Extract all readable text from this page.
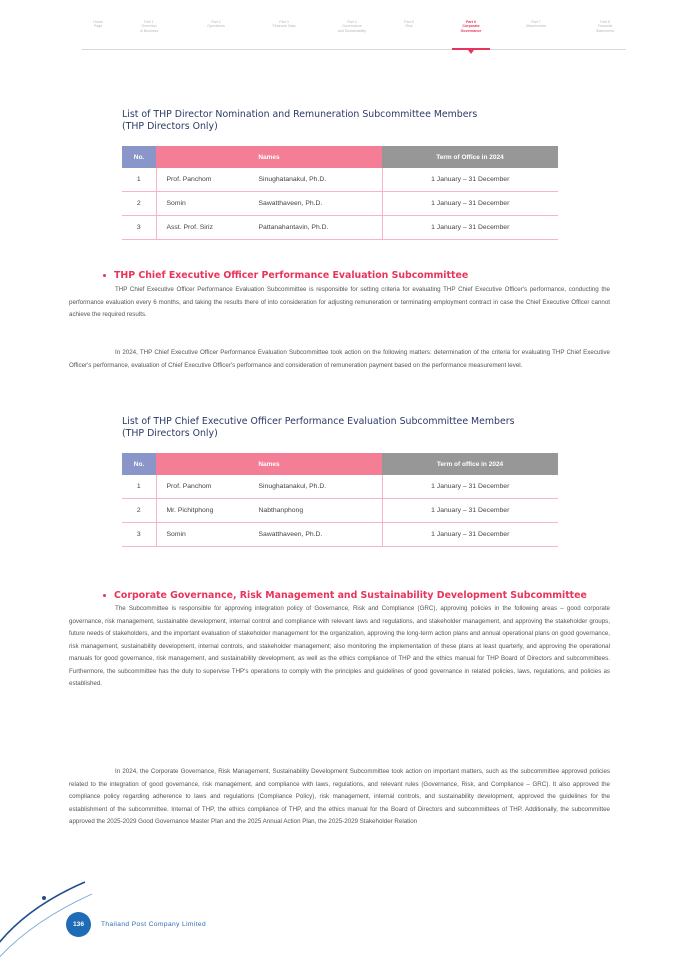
Home
Page
Part 1
Overview
of Business
Part 2
Operations
Part 3
Financial Data
Part 4
Governance
and Sustainability
Part 5
Risk
Part 6
Corporate
Governance
Part 7
Attachments
Part 8
Financial
Statements
List of THP Director Nomination and Remuneration Subcommittee Members
(THP Directors Only)
No.	Names	Term of Office in 2024
1	Prof. Panchom Sinughatanakul, Ph.D.	1 January – 31 December
2	Somin Sawatthaveen, Ph.D.	1 January – 31 December
3	Asst. Prof. Siriz Pattanahantavin, Ph.D.	1 January – 31 December
THP Chief Executive Officer Performance Evaluation Subcommittee
THP Chief Executive Officer Performance Evaluation Subcommittee is responsible for setting criteria for evaluating THP Chief Executive Officer's performance, conducting the performance evaluation every 6 months, and taking the results there of into consideration for adjusting remuneration or terminating employment contract in case the Chief Executive Officer cannot achieve the required results.
In 2024, THP Chief Executive Officer Performance Evaluation Subcommittee took action on the following matters: determination of the criteria for evaluating THP Chief Executive Officer's performance, evaluation of Chief Executive Officer's performance and consideration of remuneration payment based on the performance measurement level.
List of THP Chief Executive Officer Performance Evaluation Subcommittee Members
(THP Directors Only)
No.	Names	Term of office in 2024
1	Prof. Panchom Sinughatanakul, Ph.D.	1 January – 31 December
2	Mr. Pichitphong Nabthanphong	1 January – 31 December
3	Somin Sawatthaveen, Ph.D.	1 January – 31 December
Corporate Governance, Risk Management and Sustainability Development Subcommittee
The Subcommittee is responsible for approving integration policy of Governance, Risk and Compliance (GRC), approving policies in the following areas – good corporate governance, risk management, sustainable development, internal control and compliance with relevant laws and regulations, and stakeholder management, and approving the stakeholder groups, future needs of stakeholders, and the important evaluation of stakeholder management for the organization, approving the long-term action plans and annual operational plans on good governance, risk management, sustainability development, internal controls, and stakeholder management; also monitoring the implementation of these plans at least quarterly, and approving the operational manuals for good governance, risk management, and sustainability development, as well as the ethics compliance of THP and the ethics manual for THP Board of Directors and subcommittees. Furthermore, the subcommittee has the duty to supervise THP's operations to comply with the principles and guidelines of good governance in related policies, laws, regulations, and policies as established.
In 2024, the Corporate Governance, Risk Management, Sustainability Development Subcommittee took action on important matters, such as the subcommittee approved policies related to the integration of good governance, risk management, and compliance with laws, regulations, and relevant rules (Governance, Risk, and Compliance – GRC). It also approved the compliance policy regarding adherence to laws and regulations (Compliance Policy), risk management, internal controls, and sustainability development, approved the guidelines for the establishment of the subcommittee. Internal of THP, the ethics compliance of THP, and the ethics manual for the Board of Directors and subcommittees of THP. Additionally, the subcommittee approved the 2025-2029 Good Governance Master Plan and the 2025 Annual Action Plan, the 2025-2029 Stakeholder Relation
136	Thailand Post Company Limited
